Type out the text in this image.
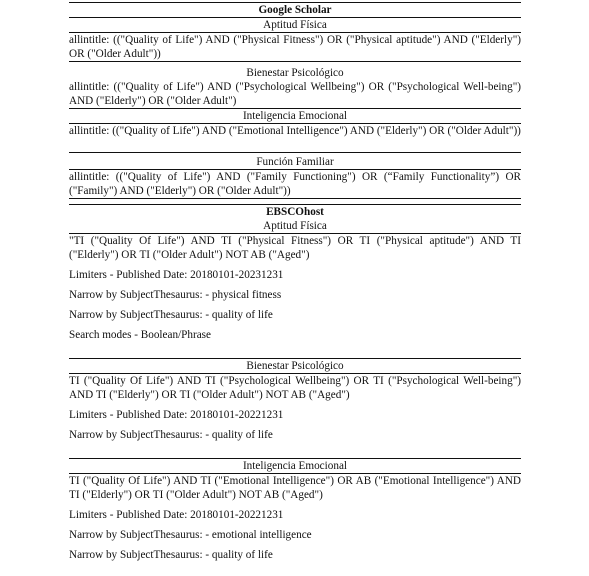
Google Scholar
Aptitud Física
allintitle: (("Quality of Life") AND ("Physical Fitness") OR ("Physical aptitude") AND ("Elderly") OR ("Older Adult"))
Bienestar Psicológico
allintitle: (("Quality of Life") AND ("Psychological Wellbeing") OR ("Psychological Well-being") AND ("Elderly") OR ("Older Adult")
Inteligencia Emocional
allintitle: (("Quality of Life") AND ("Emotional Intelligence") AND ("Elderly") OR ("Older Adult"))
Función Familiar
allintitle: (("Quality of Life") AND ("Family Functioning") OR (“Family Functionality”) OR ("Family") AND ("Elderly") OR ("Older Adult"))
EBSCOhost
Aptitud Física
"TI ("Quality Of Life") AND TI ("Physical Fitness") OR TI ("Physical aptitude") AND TI ("Elderly") OR TI ("Older Adult") NOT AB ("Aged")
Limiters - Published Date: 20180101-20231231
Narrow by SubjectThesaurus: - physical fitness
Narrow by SubjectThesaurus: - quality of life
Search modes - Boolean/Phrase
Bienestar Psicológico
TI ("Quality Of Life") AND TI ("Psychological Wellbeing") OR TI ("Psychological Well-being") AND TI ("Elderly") OR TI ("Older Adult") NOT AB ("Aged")
Limiters - Published Date: 20180101-20221231
Narrow by SubjectThesaurus: - quality of life
Inteligencia Emocional
TI ("Quality Of Life") AND TI ("Emotional Intelligence") OR AB ("Emotional Intelligence") AND TI ("Elderly") OR TI ("Older Adult") NOT AB ("Aged")
Limiters - Published Date: 20180101-20221231
Narrow by SubjectThesaurus: - emotional intelligence
Narrow by SubjectThesaurus: - quality of life
